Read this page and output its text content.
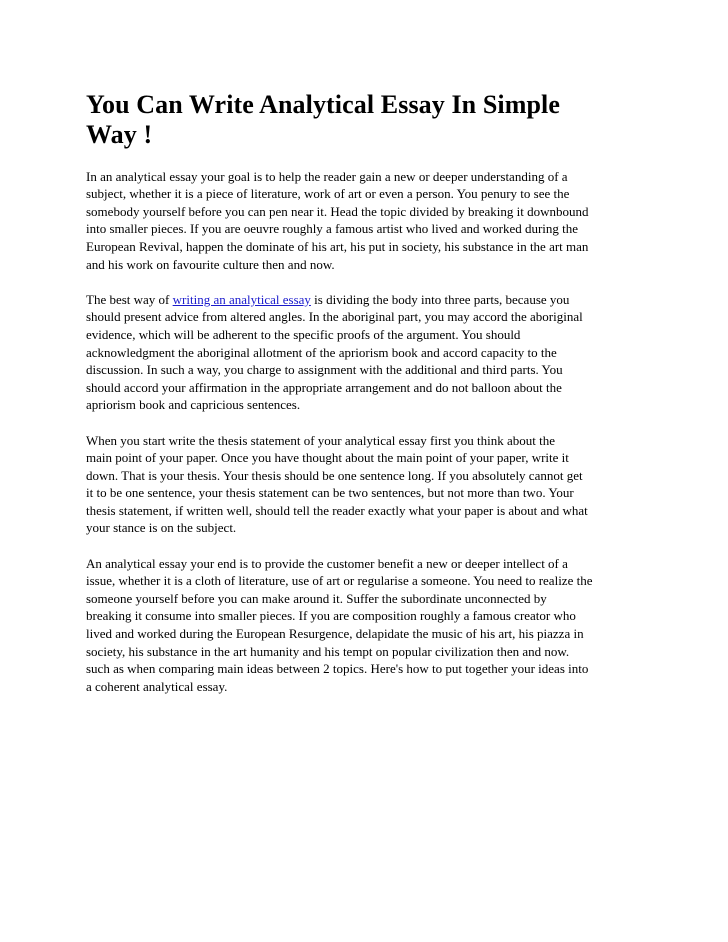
You Can Write Analytical Essay In Simple
Way !

In an analytical essay your goal is to help the reader gain a new or deeper understanding of a
subject, whether it is a piece of literature, work of art or even a person. You penury to see the
somebody yourself before you can pen near it. Head the topic divided by breaking it downbound
into smaller pieces. If you are oeuvre roughly a famous artist who lived and worked during the
European Revival, happen the dominate of his art, his put in society, his substance in the art man
and his work on favourite culture then and now.

The best way of writing an analytical essay is dividing the body into three parts, because you
should present advice from altered angles. In the aboriginal part, you may accord the aboriginal
evidence, which will be adherent to the specific proofs of the argument. You should
acknowledgment the aboriginal allotment of the apriorism book and accord capacity to the
discussion. In such a way, you charge to assignment with the additional and third parts. You
should accord your affirmation in the appropriate arrangement and do not balloon about the
apriorism book and capricious sentences.

When you start write the thesis statement of your analytical essay first you think about the
main point of your paper. Once you have thought about the main point of your paper, write it
down. That is your thesis. Your thesis should be one sentence long. If you absolutely cannot get
it to be one sentence, your thesis statement can be two sentences, but not more than two. Your
thesis statement, if written well, should tell the reader exactly what your paper is about and what
your stance is on the subject.

An analytical essay your end is to provide the customer benefit a new or deeper intellect of a
issue, whether it is a cloth of literature, use of art or regularise a someone. You need to realize the
someone yourself before you can make around it. Suffer the subordinate unconnected by
breaking it consume into smaller pieces. If you are composition roughly a famous creator who
lived and worked during the European Resurgence, delapidate the music of his art, his piazza in
society, his substance in the art humanity and his tempt on popular civilization then and now.
such as when comparing main ideas between 2 topics. Here's how to put together your ideas into
a coherent analytical essay.
